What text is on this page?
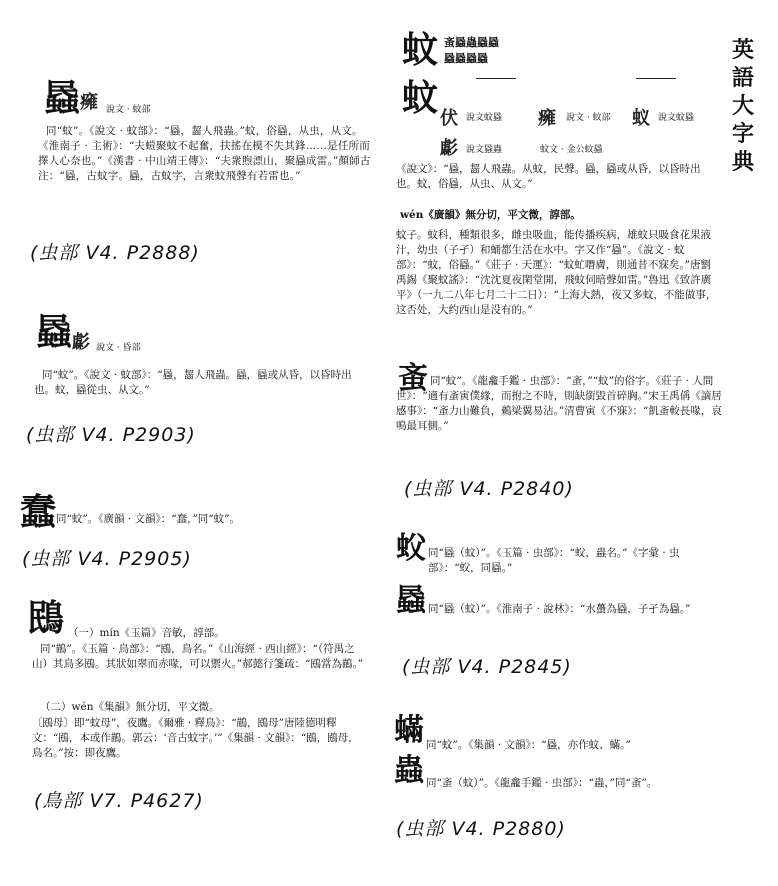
英
語
大
字
典
蚊 蚉蟁蟲蟁蟁
蟁蟁蟁蟁
蚊 伏 說文蚊蟁 㿈 說文 · 蚊部 蚁 說文蚊蟁
虨 說文蟁蟲	蚊文 · 金公蚊蟁
《說文》：“蟁，齧人飛蟲。从蚊，民聲。蟁，蟁或从昏，以昏時出也。蚊，俗蟁，从虫、从文。”
wén《廣韻》無分切，平文微，諄部。
蚊子。蚊科，種類很多，雌虫吸血，能传播疾病，雄蚊只吸食花果液汁，幼虫（子孑）和蛹都生活在水中。字又作“蟁”。《說文 · 蚊部》：“蚊，俗蟁。”《莊子 · 天運》：“蚊虻噆膚，則通昔不寐矣。”唐劉禹錫《聚蚊謠》：“沈沈夏夜閑堂開，飛蚊伺暗聲如雷。”魯迅《致許廣平》（一九二八年七月二十二日）：“上海大熱，夜又多蚊，不能做事，这否处，大约西山是没有的。”
蚉 同“蚊”。《龍龕手鑑 · 虫部》：“蚉，”“蚊”的俗字。《莊子 · 人間世》：“適有蚉寅僕緣，而拊之不時，則缺銜毀首碎胸。”宋王禹偁《謫居感事》：“蚉力山難負，鵜梁翼易沾。”清曹寅《不寐》：“飢蚉較長喙，哀鳴最耳側。”
(虫部 V4. P2840)
蚥 同“蟁（蚊）”。《玉篇 · 虫部》：“蚥，蟲名。”《字彙 · 虫部》：“蚥，同蟁。”
蟁 同“蟁（蚊）”。《淮南子 · 說林》：“水蠆為蟁，子孑為蟁。”
(虫部 V4. P2845)
蟎 同“蚊”。《集韻 · 文韻》：“蟁，亦作蚊、蟎。”
蟲 同“蚉（蚊）”。《龍龕手鑑 · 虫部》：“蟲，”同“蚉”。
(虫部 V4. P2880)
蟁 㿈 說文 · 蚊部
同“蚊”。《說文 · 蚊部》：“蟁，齧人飛蟲。”蚊，俗蟁，从虫，从文。《淮南子 · 主術》：“夫螘聚蚊不起奮，扶搖在模不失其鋒……是任所而擇人心奈也。”《漢書 · 中山靖王傳》：“夫衆煦漂山，聚蟁成雷。”顏師古注：“蟁，古蚊字。蟁，古蚊字，言衆蚊飛聲有若雷也。”
(虫部 V4. P2888)
蟁 虨 說文 · 昏部
同“蚊”。《說文 · 蚊部》：“蟁，齧人飛蟲。蟁，蟁或从昏，以昏時出也。蚊，蟁從虫、从文。”
(虫部 V4. P2903)
蠢 同“蚊”。《廣韻 · 文韻》：“蠢，”同“蚊”。
(虫部 V4. P2905)
鴖 （一）mín《玉篇》音敏，諄部。
同“鶓”。《玉篇 · 鳥部》：“鴖，鳥名。”《山海經 · 西山經》：“（符禺之山）其鳥多鴖。其狀如翠而赤喙，可以禦火。”郝懿行箋疏：“鴖當為鶓。”
（二）wén《集韻》無分切，平文微。
〔鴖母〕即“蚊母”，夜鷹。《爾雅 · 釋鳥》：“鶓，鴖母”唐陸德明釋文：“鴖，本或作鶓。郭云：‘音古蚊字。’”《集韻 · 文韻》：“鴖，鴖母，鳥名。”按：即夜鷹。
(鳥部 V7. P4627)
